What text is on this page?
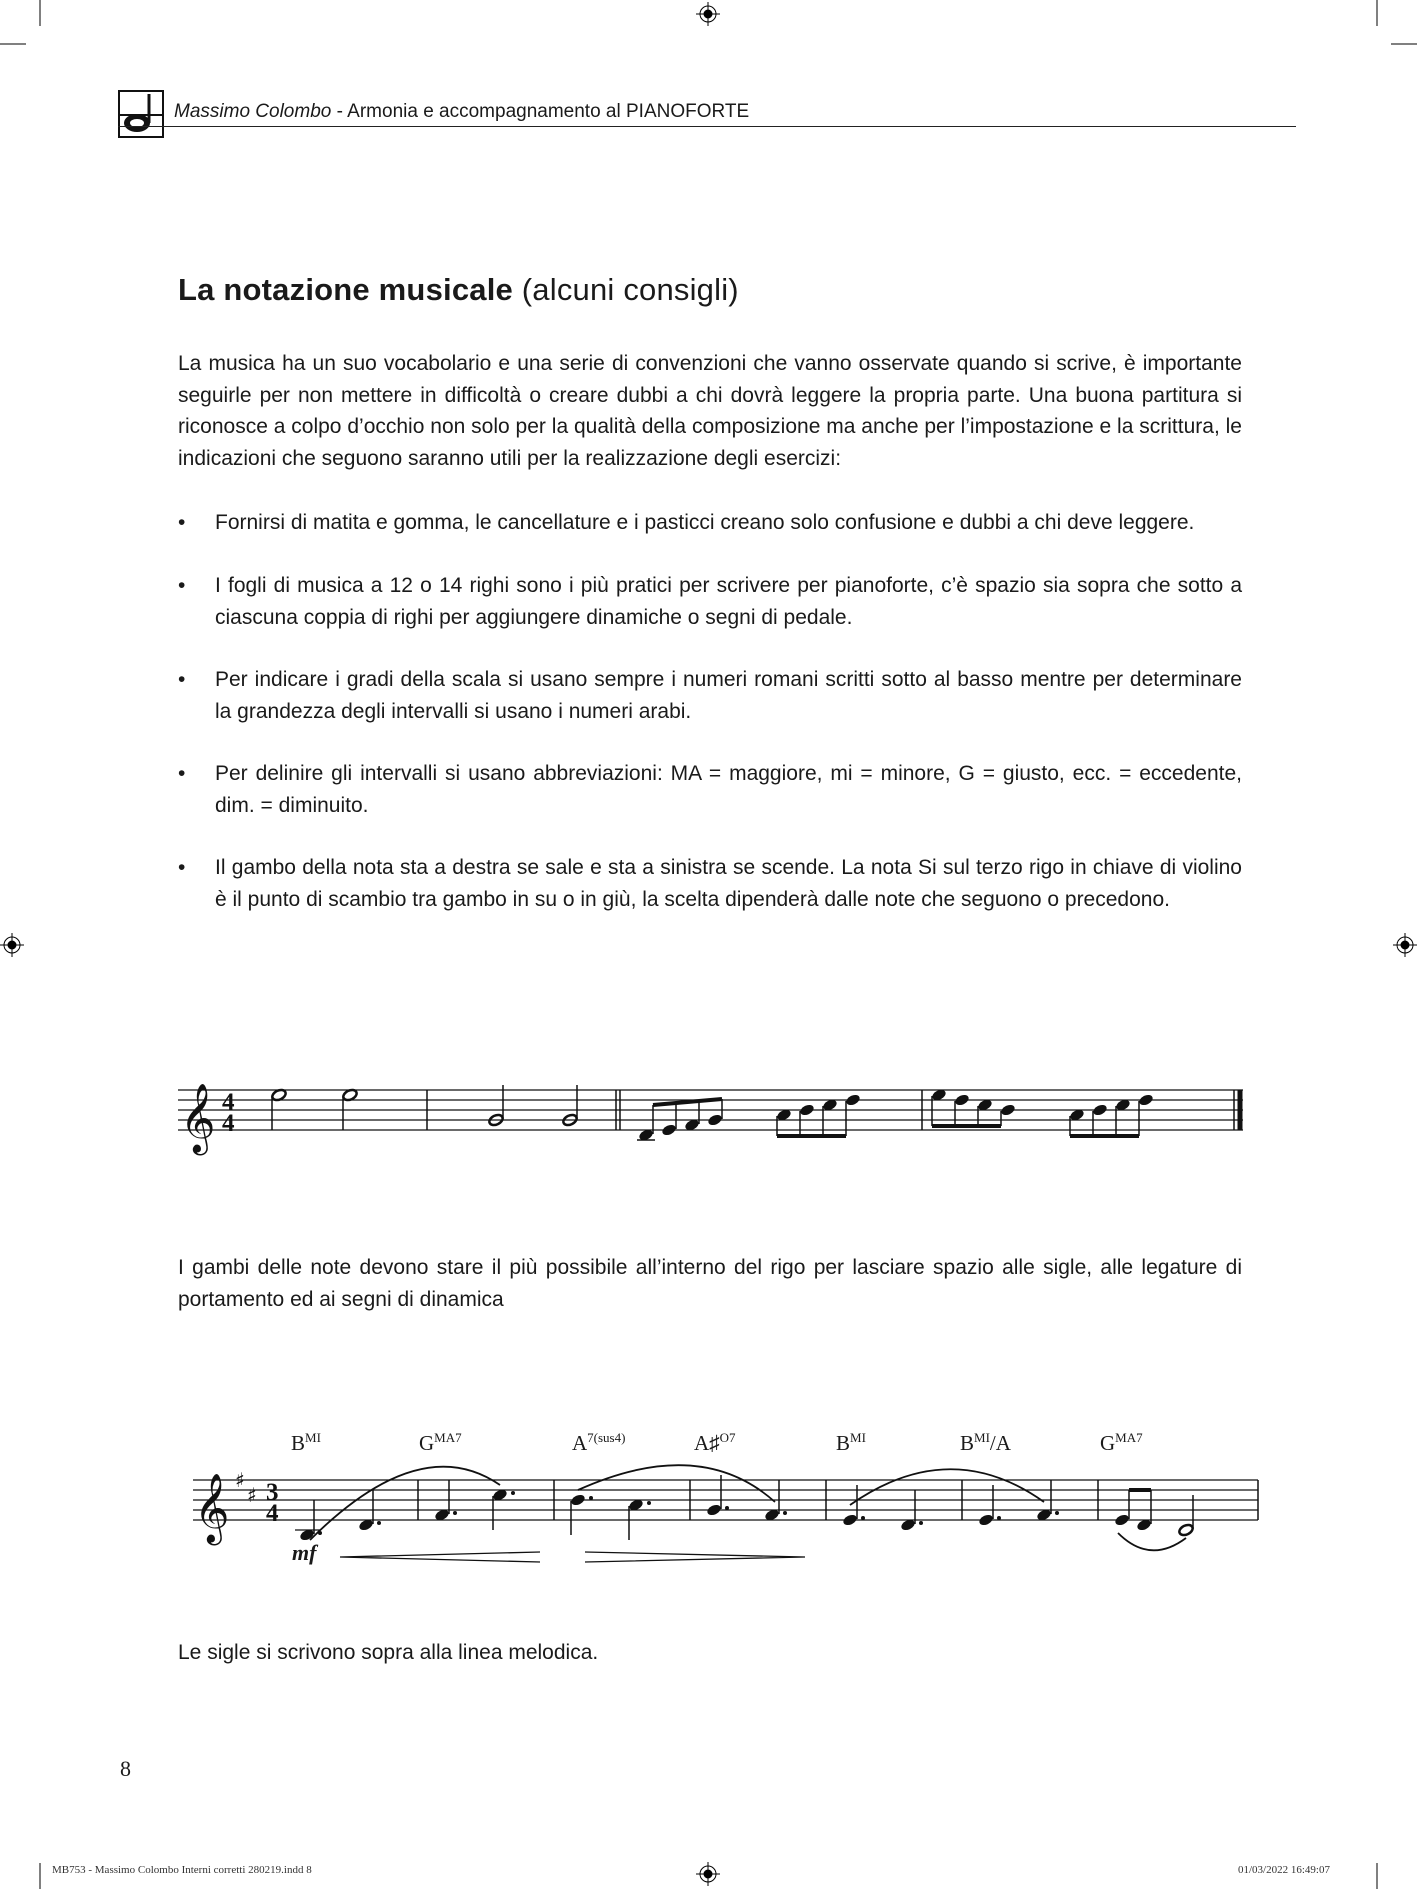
Massimo Colombo - Armonia e accompagnamento al PIANOFORTE
La notazione musicale (alcuni consigli)
La musica ha un suo vocabolario e una serie di convenzioni che vanno osservate quando si scrive, è importante seguirle per non mettere in difficoltà o creare dubbi a chi dovrà leggere la propria parte. Una buona partitura si riconosce a colpo d’occhio non solo per la qualità della composizione ma anche per l’impostazione e la scrittura, le indicazioni che seguono saranno utili per la realizzazione degli esercizi:
• Fornirsi di matita e gomma, le cancellature e i pasticci creano solo confusione e dubbi a chi deve leggere.
• I fogli di musica a 12 o 14 righi sono i più pratici per scrivere per pianoforte, c’è spazio sia sopra che sotto a ciascuna coppia di righi per aggiungere dinamiche o segni di pedale.
• Per indicare i gradi della scala si usano sempre i numeri romani scritti sotto al basso mentre per determinare la grandezza degli intervalli si usano i numeri arabi.
• Per delinire gli intervalli si usano abbreviazioni: MA = maggiore, mi = minore, G = giusto, ecc. = eccedente, dim. = diminuito.
• Il gambo della nota sta a destra se sale e sta a sinistra se scende. La nota Si sul terzo rigo in chiave di violino è il punto di scambio tra gambo in su o in giù, la scelta dipenderà dalle note che seguono o precedono.
𝄞 4
4
I gambi delle note devono stare il più possibile all’interno del rigo per lasciare spazio alle sigle, alle legature di portamento ed ai segni di dinamica
$B^{MI}$	$G^{MA7}$	$A^{7(sus4)}$	A♯$^{O7}$	$B^{MI}$	$B^{MI}/A$	$G^{MA7}$
𝄞 ♯
♯ 3
4
mf
Le sigle si scrivono sopra alla linea melodica.
8
MB753 - Massimo Colombo Interni corretti 280219.indd 8	01/03/2022 16:49:07
